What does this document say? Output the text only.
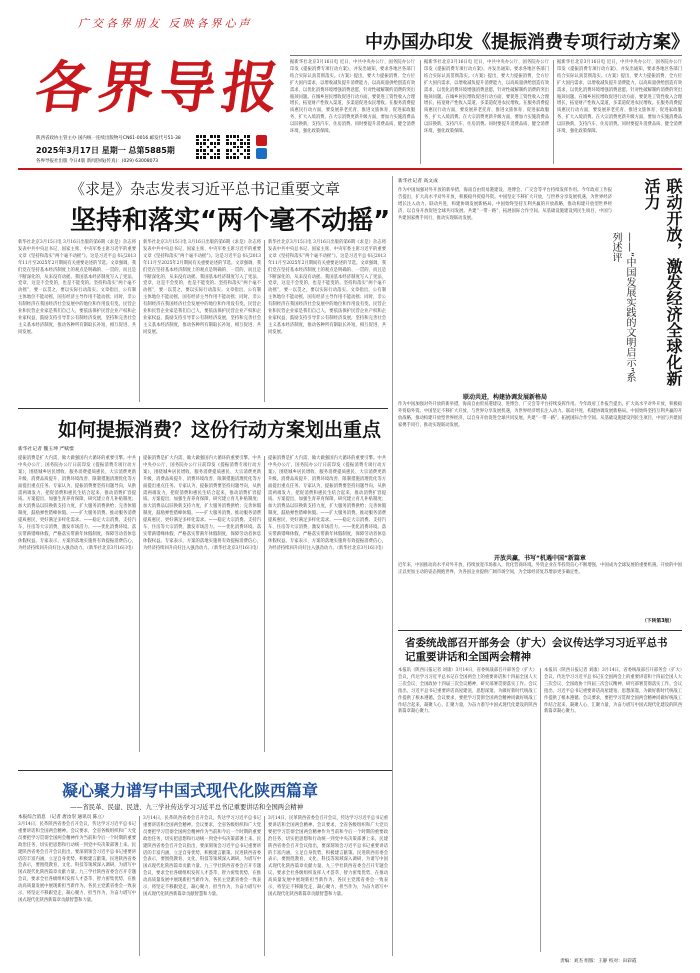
广交各界朋友 反映各界心声
各界导报
陕西省政协主管主办 国内统一连续出版物号CN61-0016 邮发代号51-38
2025年3月17日 星期一 总第5885期
各界导报社出版 今日4版 新闻热线(传真)：(029) 63008073
中办国办印发《提振消费专项行动方案》
据新华社北京3月16日电 近日，中共中央办公厅、国务院办公厅印发《提振消费专项行动方案》，并发出通知，要求各地区各部门结合实际认真贯彻落实。《方案》提出，要大力提振消费，全方位扩大国内需求，以增收减负提升消费能力，以高质量供给创造有效需求，以优化消费环境增强消费意愿，针对性破解制约消费的突出瓶颈问题。在城乡居民增收促进行动方面，要促进工资性收入合理增长，拓宽财产性收入渠道，多渠道促进农民增收。在服务消费提质惠民行动方面，要发展养老托育、推进文旅体育、促进家政服务、扩大入境消费。在大宗消费更新升级方面，要加力实施消费品以旧换新，支持汽车、住房消费。同时要提升消费品质，健全消费环境，强化政策保障。
据新华社北京3月16日电 近日，中共中央办公厅、国务院办公厅印发《提振消费专项行动方案》，并发出通知，要求各地区各部门结合实际认真贯彻落实。《方案》提出，要大力提振消费，全方位扩大国内需求，以增收减负提升消费能力，以高质量供给创造有效需求，以优化消费环境增强消费意愿，针对性破解制约消费的突出瓶颈问题。在城乡居民增收促进行动方面，要促进工资性收入合理增长，拓宽财产性收入渠道，多渠道促进农民增收。在服务消费提质惠民行动方面，要发展养老托育、推进文旅体育、促进家政服务、扩大入境消费。在大宗消费更新升级方面，要加力实施消费品以旧换新，支持汽车、住房消费。同时要提升消费品质，健全消费环境，强化政策保障。
据新华社北京3月16日电 近日，中共中央办公厅、国务院办公厅印发《提振消费专项行动方案》，并发出通知，要求各地区各部门结合实际认真贯彻落实。《方案》提出，要大力提振消费，全方位扩大国内需求，以增收减负提升消费能力，以高质量供给创造有效需求，以优化消费环境增强消费意愿，针对性破解制约消费的突出瓶颈问题。在城乡居民增收促进行动方面，要促进工资性收入合理增长，拓宽财产性收入渠道，多渠道促进农民增收。在服务消费提质惠民行动方面，要发展养老托育、推进文旅体育、促进家政服务、扩大入境消费。在大宗消费更新升级方面，要加力实施消费品以旧换新，支持汽车、住房消费。同时要提升消费品质，健全消费环境，强化政策保障。
《求是》杂志发表习近平总书记重要文章
坚持和落实“两个毫不动摇”
新华社北京3月15日电 3月16日出版的第6期《求是》杂志将发表中共中央总书记、国家主席、中央军委主席习近平的重要文章《坚持和落实“两个毫不动摇”》。这是习近平总书记2013年11月至2025年2月期间有关重要论述的节选。文章强调，我们党在坚持基本经济制度上的观点是明确的、一贯的，而且是不断深化的，从来没有动摇。我国基本经济制度写入了宪法、党章，这是不会变的，也是不能变的。坚持和落实“两个毫不动摇”，要一以贯之，要以实际行动落实。文章指出，公有制主体地位不能动摇，国有经济主导作用不能动摇；同时，非公有制经济在我国经济社会发展中的地位和作用没有变。民营企业和民营企业家是我们自己人，要依法保护民营企业产权和企业家权益，鼓励支持引导非公有制经济发展，坚持和完善社会主义基本经济制度，推动各种所有制取长补短、相互促进、共同发展。
新华社北京3月15日电 3月16日出版的第6期《求是》杂志将发表中共中央总书记、国家主席、中央军委主席习近平的重要文章《坚持和落实“两个毫不动摇”》。这是习近平总书记2013年11月至2025年2月期间有关重要论述的节选。文章强调，我们党在坚持基本经济制度上的观点是明确的、一贯的，而且是不断深化的，从来没有动摇。我国基本经济制度写入了宪法、党章，这是不会变的，也是不能变的。坚持和落实“两个毫不动摇”，要一以贯之，要以实际行动落实。文章指出，公有制主体地位不能动摇，国有经济主导作用不能动摇；同时，非公有制经济在我国经济社会发展中的地位和作用没有变。民营企业和民营企业家是我们自己人，要依法保护民营企业产权和企业家权益，鼓励支持引导非公有制经济发展，坚持和完善社会主义基本经济制度，推动各种所有制取长补短、相互促进、共同发展。
新华社北京3月15日电 3月16日出版的第6期《求是》杂志将发表中共中央总书记、国家主席、中央军委主席习近平的重要文章《坚持和落实“两个毫不动摇”》。这是习近平总书记2013年11月至2025年2月期间有关重要论述的节选。文章强调，我们党在坚持基本经济制度上的观点是明确的、一贯的，而且是不断深化的，从来没有动摇。我国基本经济制度写入了宪法、党章，这是不会变的，也是不能变的。坚持和落实“两个毫不动摇”，要一以贯之，要以实际行动落实。文章指出，公有制主体地位不能动摇，国有经济主导作用不能动摇；同时，非公有制经济在我国经济社会发展中的地位和作用没有变。民营企业和民营企业家是我们自己人，要依法保护民营企业产权和企业家权益，鼓励支持引导非公有制经济发展，坚持和完善社会主义基本经济制度，推动各种所有制取长补短、相互促进、共同发展。
如何提振消费？这份行动方案划出重点
新华社记者 魏玉坤 严赋憬
提振消费是扩大内需、做大做强国内大循环的重要引擎。中共中央办公厅、国务院办公厅日前印发《提振消费专项行动方案》，围绕城乡居民增收、服务消费提质惠民、大宗消费更新升级、消费品质提升、消费环境改善、限制措施清理优化等方面提出重点任务。专家认为，提振消费要坚持问题导向，从供需两端发力，把促消费和惠民生结合起来，推动消费扩容提质。方案提出，加强生育养育保障，研究建立育儿补贴制度；加大消费品以旧换新支持力度，扩大服务消费供给；完善休假制度，鼓励弹性错峰休假。——扩大服务消费。推动服务消费提质惠民，更好满足多样化需求。——稳定大宗消费。支持汽车、住房等大宗消费，激发市场活力。——优化消费环境。落实带薪错峰休假，严格落实带薪年休假制度，保障劳动者休息休假权益。专家表示，方案的落地实施将有效提振消费信心，为经济持续回升向好注入强劲动力。（新华社北京3月16日电）
提振消费是扩大内需、做大做强国内大循环的重要引擎。中共中央办公厅、国务院办公厅日前印发《提振消费专项行动方案》，围绕城乡居民增收、服务消费提质惠民、大宗消费更新升级、消费品质提升、消费环境改善、限制措施清理优化等方面提出重点任务。专家认为，提振消费要坚持问题导向，从供需两端发力，把促消费和惠民生结合起来，推动消费扩容提质。方案提出，加强生育养育保障，研究建立育儿补贴制度；加大消费品以旧换新支持力度，扩大服务消费供给；完善休假制度，鼓励弹性错峰休假。——扩大服务消费。推动服务消费提质惠民，更好满足多样化需求。——稳定大宗消费。支持汽车、住房等大宗消费，激发市场活力。——优化消费环境。落实带薪错峰休假，严格落实带薪年休假制度，保障劳动者休息休假权益。专家表示，方案的落地实施将有效提振消费信心，为经济持续回升向好注入强劲动力。（新华社北京3月16日电）
提振消费是扩大内需、做大做强国内大循环的重要引擎。中共中央办公厅、国务院办公厅日前印发《提振消费专项行动方案》，围绕城乡居民增收、服务消费提质惠民、大宗消费更新升级、消费品质提升、消费环境改善、限制措施清理优化等方面提出重点任务。专家认为，提振消费要坚持问题导向，从供需两端发力，把促消费和惠民生结合起来，推动消费扩容提质。方案提出，加强生育养育保障，研究建立育儿补贴制度；加大消费品以旧换新支持力度，扩大服务消费供给；完善休假制度，鼓励弹性错峰休假。——扩大服务消费。推动服务消费提质惠民，更好满足多样化需求。——稳定大宗消费。支持汽车、住房等大宗消费，激发市场活力。——优化消费环境。落实带薪错峰休假，严格落实带薪年休假制度，保障劳动者休息休假权益。专家表示，方案的落地实施将有效提振消费信心，为经济持续回升向好注入强劲动力。（新华社北京3月16日电）
新华社记者 高文成	联动开放，激发经济全球化新活力
——“中国发展实践的文明启示”系列述评
作为中国加强对外开放的新举措，海南自由贸易港建设、进博会、广交会等平台持续发挥作用。今年政府工作报告提出，扩大高水平对外开放，积极稳外贸稳外资。中国坚定不移扩大开放，与世界分享发展机遇，为世界经济增长注入动力。联动共进，构建协调发展新格局。中国始终坚持互利共赢的开放战略，推动构建开放型世界经济，以自身开放促进全球共同发展。共建“一带一路”，拓展国际合作空间。从基础设施建设到民生项目，中国与共建国家携手同行，推动实现联动发展。
联动共进，构建协调发展新格局
作为中国加强对外开放的新举措，海南自由贸易港建设、进博会、广交会等平台持续发挥作用。今年政府工作报告提出，扩大高水平对外开放，积极稳外贸稳外资。中国坚定不移扩大开放，与世界分享发展机遇，为世界经济增长注入动力。联动共进，构建协调发展新格局。中国始终坚持互利共赢的开放战略，推动构建开放型世界经济，以自身开放促进全球共同发展。共建“一带一路”，拓展国际合作空间。从基础设施建设到民生项目，中国与共建国家携手同行，推动实现联动发展。
开放共赢，书写“机遇中国”新篇章
近年来，中国推动高水平对外开放，持续放宽市场准入，优化营商环境。外资企业在华投资信心不断增强，中国成为全球发展的重要机遇。开放的中国正以更加主动的姿态拥抱世界，为各国企业提供广阔市场空间，为全球经济复苏增添更多确定性。
（下转第3版）
省委统战部召开部务会（扩大）会议传达学习习近平总书记重要讲话和全国两会精神
本报讯（陕西日报记者 刘康）3月14日，省委统战部召开部务会（扩大）会议，传达学习习近平总书记在全国两会上的重要讲话和十四届全国人大三次会议、全国政协十四届三次会议精神，研究部署贯彻落实工作。会议指出，习近平总书记重要讲话高屋建瓴、思想深邃，为做好新时代统战工作提供了根本遵循。会议要求，要把学习贯彻全国两会精神同做好统战工作结合起来，凝聚人心、汇聚力量，为奋力谱写中国式现代化建设的陕西新篇章凝心聚力。
本报讯（陕西日报记者 刘康）3月14日，省委统战部召开部务会（扩大）会议，传达学习习近平总书记在全国两会上的重要讲话和十四届全国人大三次会议、全国政协十四届三次会议精神，研究部署贯彻落实工作。会议指出，习近平总书记重要讲话高屋建瓴、思想深邃，为做好新时代统战工作提供了根本遵循。会议要求，要把学习贯彻全国两会精神同做好统战工作结合起来，凝聚人心、汇聚力量，为奋力谱写中国式现代化建设的陕西新篇章凝心聚力。
凝心聚力谱写中国式现代化陕西篇章
——省民革、民建、民进、九三学社传达学习习近平总书记重要讲话和全国两会精神
本报综合消息 （记者 唐汝崇 通讯员 陈立）
3月14日，民革陕西省委会召开会议，传达学习习近平总书记重要讲话和全国两会精神。会议要求，全省各级组织和广大党员要把学习贯彻全国两会精神作为当前和今后一个时期的重要政治任务，切实把思想和行动统一到党中央决策部署上来。民建陕西省委会召开会议指出，要深刻领会习近平总书记重要讲话的丰富内涵，立足自身优势，积极建言献策。民进陕西省委会表示，要围绕教育、文化、科技等领域深入调研，为谱写中国式现代化陕西篇章贡献力量。九三学社陕西省委会召开专题会议，要求全社各级组织发挥人才荟萃、智力密集优势，在推动高质量发展中展现新担当新作为。各民主党派省委会一致表示，将坚定不移跟党走，凝心聚力、担当作为，为奋力谱写中国式现代化陕西新篇章贡献智慧和力量。
3月14日，民革陕西省委会召开会议，传达学习习近平总书记重要讲话和全国两会精神。会议要求，全省各级组织和广大党员要把学习贯彻全国两会精神作为当前和今后一个时期的重要政治任务，切实把思想和行动统一到党中央决策部署上来。民建陕西省委会召开会议指出，要深刻领会习近平总书记重要讲话的丰富内涵，立足自身优势，积极建言献策。民进陕西省委会表示，要围绕教育、文化、科技等领域深入调研，为谱写中国式现代化陕西篇章贡献力量。九三学社陕西省委会召开专题会议，要求全社各级组织发挥人才荟萃、智力密集优势，在推动高质量发展中展现新担当新作为。各民主党派省委会一致表示，将坚定不移跟党走，凝心聚力、担当作为，为奋力谱写中国式现代化陕西新篇章贡献智慧和力量。
3月14日，民革陕西省委会召开会议，传达学习习近平总书记重要讲话和全国两会精神。会议要求，全省各级组织和广大党员要把学习贯彻全国两会精神作为当前和今后一个时期的重要政治任务，切实把思想和行动统一到党中央决策部署上来。民建陕西省委会召开会议指出，要深刻领会习近平总书记重要讲话的丰富内涵，立足自身优势，积极建言献策。民进陕西省委会表示，要围绕教育、文化、科技等领域深入调研，为谱写中国式现代化陕西篇章贡献力量。九三学社陕西省委会召开专题会议，要求全社各级组织发挥人才荟萃、智力密集优势，在推动高质量发展中展现新担当新作为。各民主党派省委会一致表示，将坚定不移跟党走，凝心聚力、担当作为，为奋力谱写中国式现代化陕西新篇章贡献智慧和力量。
责编：刘杰 组版：王静 校对：田彩霞
